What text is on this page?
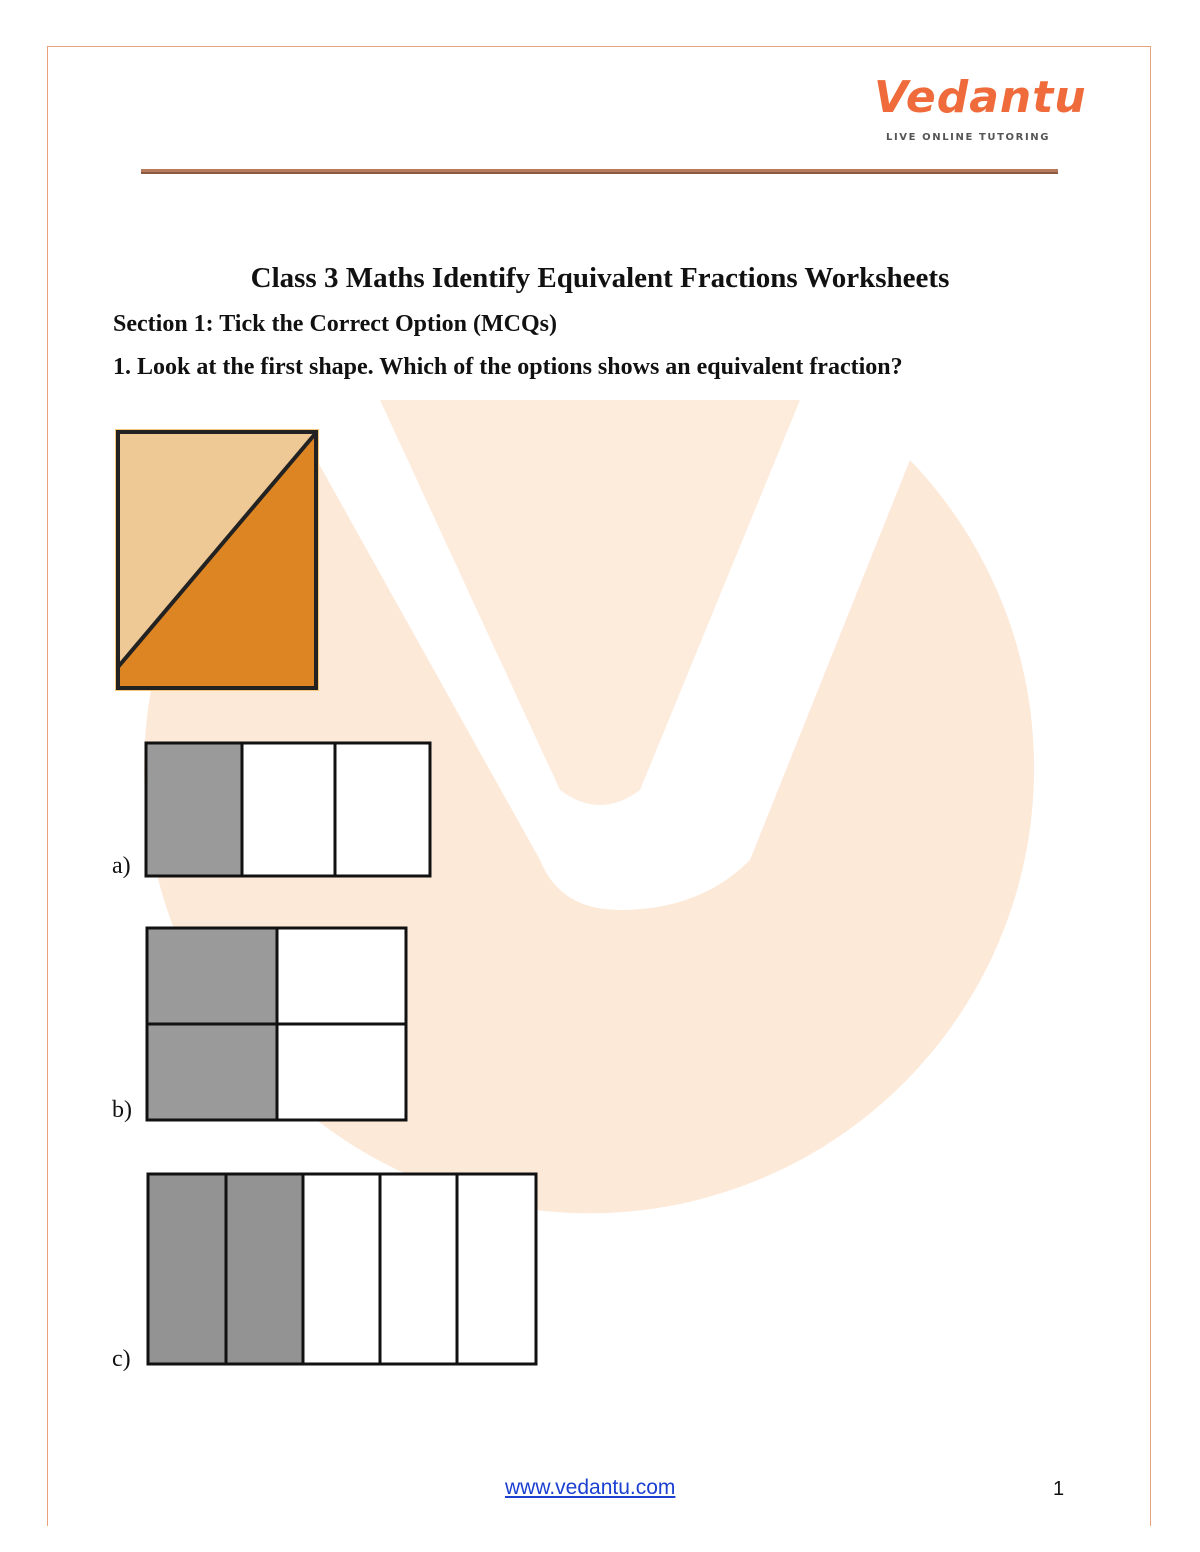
Vedantu
LIVE ONLINE TUTORING
Class 3 Maths Identify Equivalent Fractions Worksheets
Section 1: Tick the Correct Option (MCQs)
1. Look at the first shape. Which of the options shows an equivalent fraction?
a)
b)
c)
www.vedantu.com	1
